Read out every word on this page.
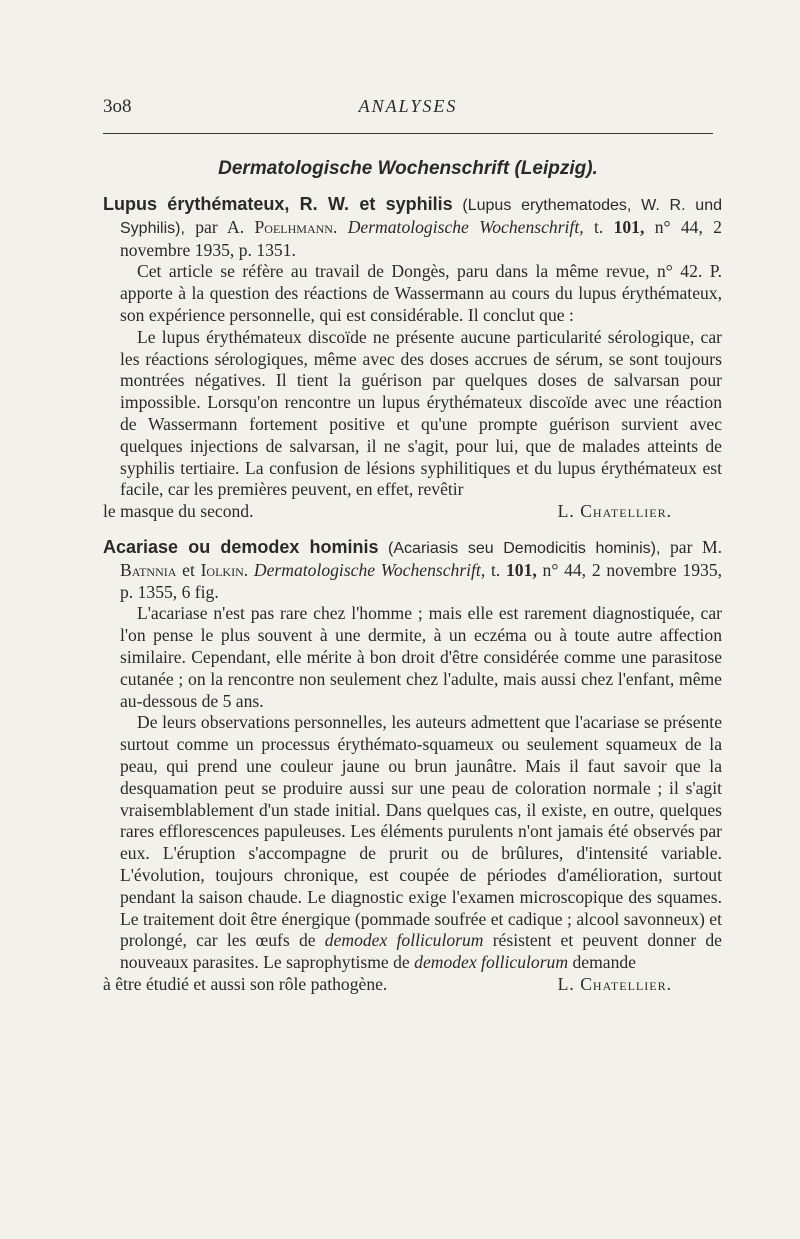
3o8	ANALYSES
Dermatologische Wochenschrift (Leipzig).

Lupus érythémateux, R. W. et syphilis (Lupus erythematodes, W. R. und Syphilis), par A. Poelhmann. Dermatologische Wochenschrift, t. 101, n° 44, 2 novembre 1935, p. 1351.

Cet article se réfère au travail de Dongès, paru dans la même revue, n° 42. P. apporte à la question des réactions de Wassermann au cours du lupus érythémateux, son expérience personnelle, qui est considérable. Il conclut que :

Le lupus érythémateux discoïde ne présente aucune particularité sérologique, car les réactions sérologiques, même avec des doses accrues de sérum, se sont toujours montrées négatives. Il tient la guérison par quelques doses de salvarsan pour impossible. Lorsqu'on rencontre un lupus érythémateux discoïde avec une réaction de Wassermann fortement positive et qu'une prompte guérison survient avec quelques injections de salvarsan, il ne s'agit, pour lui, que de malades atteints de syphilis tertiaire. La confusion de lésions syphilitiques et du lupus érythémateux est facile, car les premières peuvent, en effet, revêtir

le masque du second.	L. Chatellier.

Acariase ou demodex hominis (Acariasis seu Demodicitis hominis), par M. Batnnia et Iolkin. Dermatologische Wochenschrift, t. 101, n° 44, 2 novembre 1935, p. 1355, 6 fig.

L'acariase n'est pas rare chez l'homme ; mais elle est rarement diagnostiquée, car l'on pense le plus souvent à une dermite, à un eczéma ou à toute autre affection similaire. Cependant, elle mérite à bon droit d'être considérée comme une parasitose cutanée ; on la rencontre non seulement chez l'adulte, mais aussi chez l'enfant, même au-dessous de 5 ans.

De leurs observations personnelles, les auteurs admettent que l'acariase se présente surtout comme un processus érythémato-squameux ou seulement squameux de la peau, qui prend une couleur jaune ou brun jaunâtre. Mais il faut savoir que la desquamation peut se produire aussi sur une peau de coloration normale ; il s'agit vraisemblablement d'un stade initial. Dans quelques cas, il existe, en outre, quelques rares efflorescences papuleuses. Les éléments purulents n'ont jamais été observés par eux. L'éruption s'accompagne de prurit ou de brûlures, d'intensité variable. L'évolution, toujours chronique, est coupée de périodes d'amélioration, surtout pendant la saison chaude. Le diagnostic exige l'examen microscopique des squames. Le traitement doit être énergique (pommade soufrée et cadique ; alcool savonneux) et prolongé, car les œufs de demodex folliculorum résistent et peuvent donner de nouveaux parasites. Le saprophytisme de demodex folliculorum demande

à être étudié et aussi son rôle pathogène.	L. Chatellier.
